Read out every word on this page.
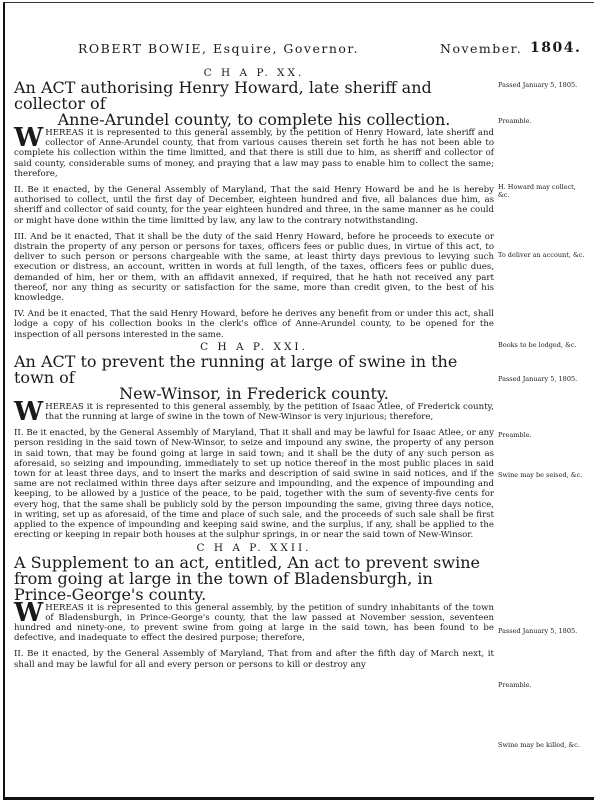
ROBERT BOWIE, Esquire, Governor.	November. 1804.
C H A P. XX.
An ACT authorising Henry Howard, late sheriff and collector of
Anne-Arundel county, to complete his collection.

WHEREAS it is represented to this general assembly, by the petition of Henry Howard, late sheriff and collector of Anne-Arundel county, that from various causes therein set forth he has not been able to complete his collection within the time limitted, and that there is still due to him, as sheriff and collector of said county, considerable sums of money, and praying that a law may pass to enable him to collect the same; therefore,

II. Be it enacted, by the General Assembly of Maryland, That the said Henry Howard be and he is hereby authorised to collect, until the first day of December, eighteen hundred and five, all balances due him, as sheriff and collector of said county, for the year eighteen hundred and three, in the same manner as he could or might have done within the time limitted by law, any law to the contrary notwithstanding.

III. And be it enacted, That it shall be the duty of the said Henry Howard, before he proceeds to execute or distrain the property of any person or persons for taxes, officers fees or public dues, in virtue of this act, to deliver to such person or persons chargeable with the same, at least thirty days previous to levying such execution or distress, an account, written in words at full length, of the taxes, officers fees or public dues, demanded of him, her or them, with an affidavit annexed, if required, that he hath not received any part thereof, nor any thing as security or satisfaction for the same, more than credit given, to the best of his knowledge.

IV. And be it enacted, That the said Henry Howard, before he derives any benefit from or under this act, shall lodge a copy of his collection books in the clerk's office of Anne-Arundel county, to be opened for the inspection of all persons interested in the same.

C H A P. XXI.
An ACT to prevent the running at large of swine in the town of
New-Winsor, in Frederick county.

WHEREAS it is represented to this general assembly, by the petition of Isaac Atlee, of Frederick county, that the running at large of swine in the town of New-Winsor is very injurious; therefore,

II. Be it enacted, by the General Assembly of Maryland, That it shall and may be lawful for Isaac Atlee, or any person residing in the said town of New-Winsor, to seize and impound any swine, the property of any person in said town, that may be found going at large in said town; and it shall be the duty of any such person as aforesaid, so seizing and impounding, immediately to set up notice thereof in the most public places in said town for at least three days, and to insert the marks and description of said swine in said notices, and if the same are not reclaimed within three days after seizure and impounding, and the expence of impounding and keeping, to be allowed by a justice of the peace, to be paid, together with the sum of seventy-five cents for every hog, that the same shall be publicly sold by the person impounding the same, giving three days notice, in writing, set up as aforesaid, of the time and place of such sale, and the proceeds of such sale shall be first applied to the expence of impounding and keeping said swine, and the surplus, if any, shall be applied to the erecting or keeping in repair both houses at the sulphur springs, in or near the said town of New-Winsor.

C H A P. XXII.
A Supplement to an act, entitled, An act to prevent swine from going at large in the town of Bladensburgh, in Prince-George's county.

WHEREAS it is represented to this general assembly, by the petition of sundry inhabitants of the town of Bladensburgh, in Prince-George's county, that the law passed at November session, seventeen hundred and ninety-one, to prevent swine from going at large in the said town, has been found to be defective, and inadequate to effect the desired purpose; therefore,

II. Be it enacted, by the General Assembly of Maryland, That from and after the fifth day of March next, it shall and may be lawful for all and every person or persons to kill or destroy any

Passed January 5, 1805.
Preamble.
H. Howard may collect, &c.
To deliver an account, &c.
Books to be lodged, &c.
Passed January 5, 1805.
Preamble.
Swine may be seised, &c.
Passed January 5, 1805.
Preamble.
Swine may be killed, &c.
